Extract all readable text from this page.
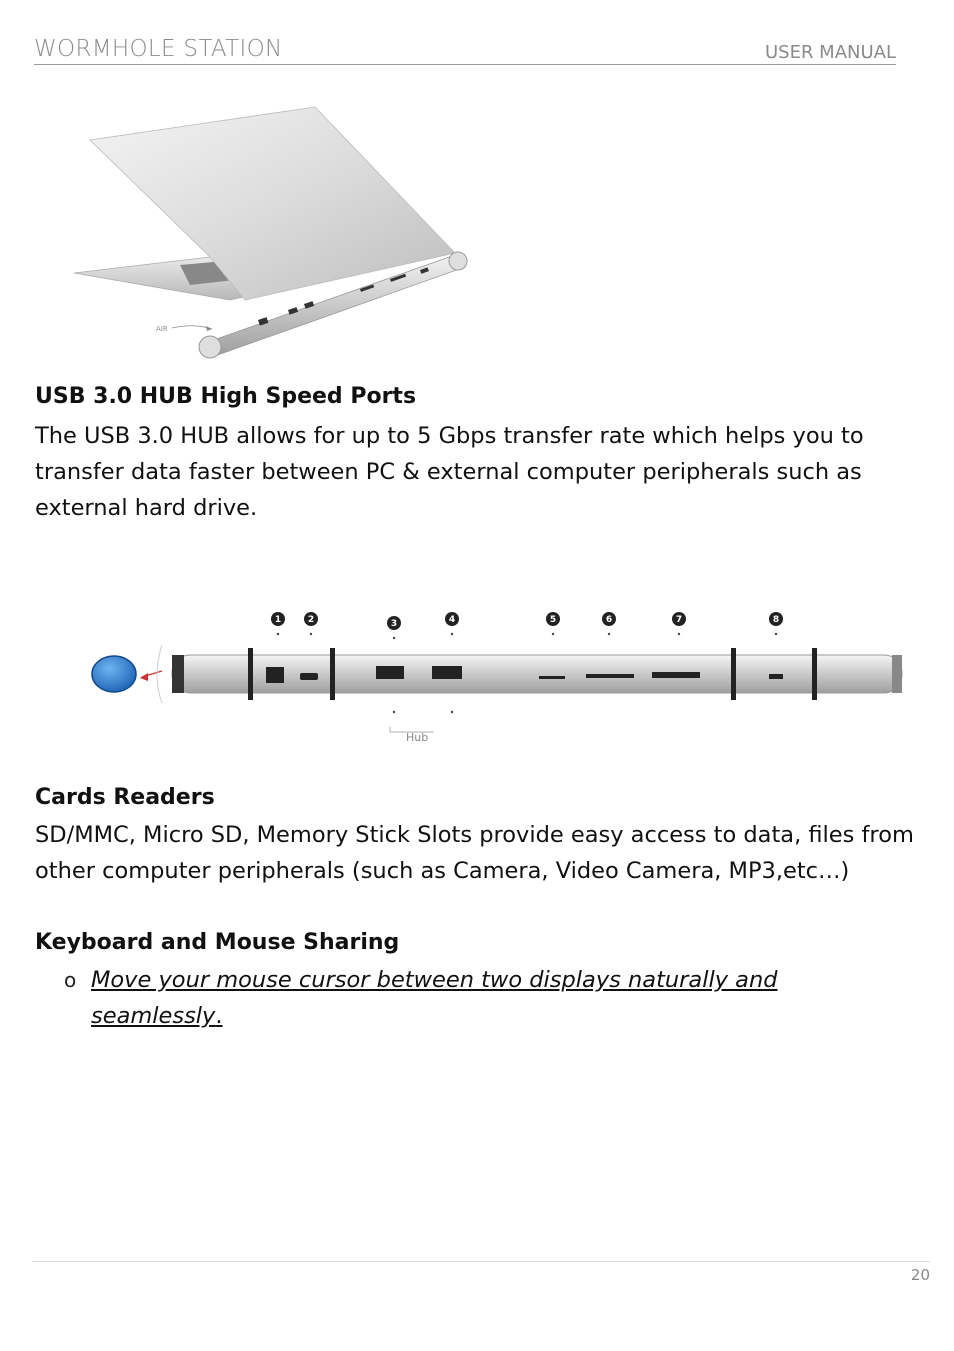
WORMHOLE STATION	USER MANUAL
AIR
USB 3.0 HUB High Speed Ports
The USB 3.0 HUB allows for up to 5 Gbps transfer rate which helps you to transfer data faster between PC & external computer peripherals such as external hard drive.
1	2	3	4	5	6	7	8
Hub
Cards Readers
SD/MMC, Micro SD, Memory Stick Slots provide easy access to data, files from other computer peripherals (such as Camera, Video Camera, MP3,etc…)
Keyboard and Mouse Sharing
o Move your mouse cursor between two displays naturally and seamlessly.
20
